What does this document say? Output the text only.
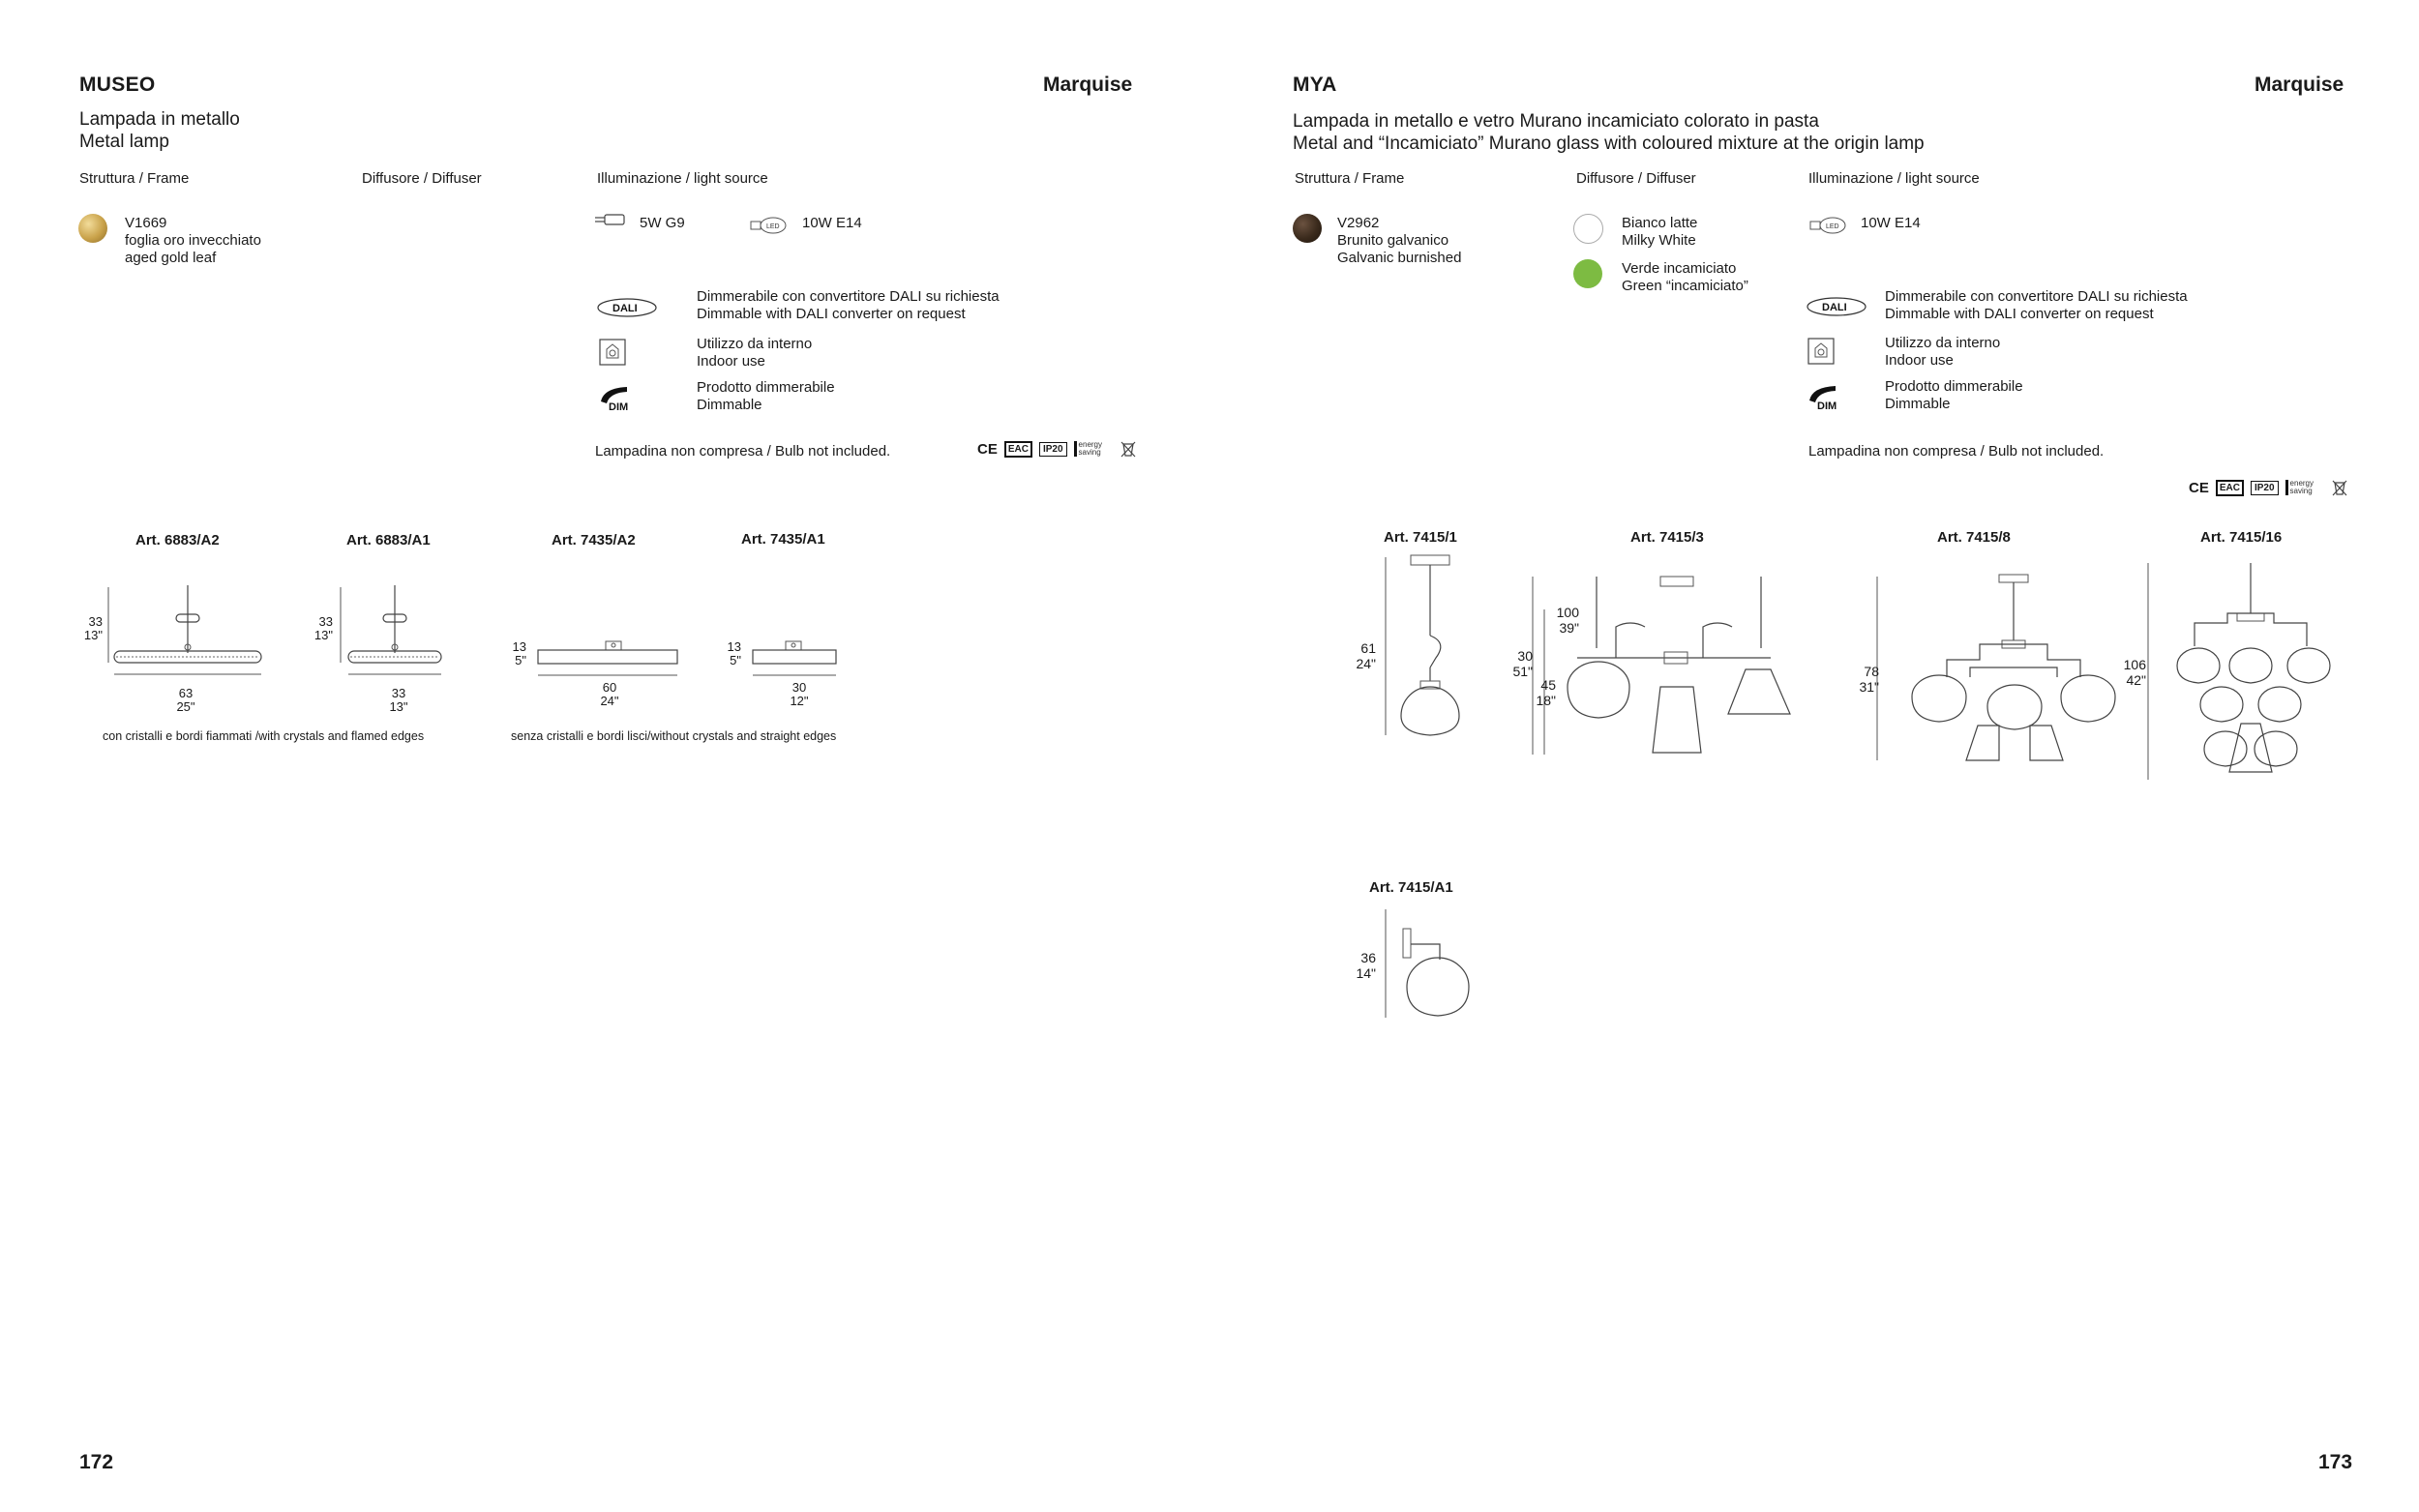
MUSEO	Marquise
Lampada in metallo
Metal lamp
Struttura / Frame	Diffusore / Diffuser	Illuminazione / light source
V1669
foglia oro invecchiato
aged gold leaf
5W G9	LED 10W E14
DALI
Dimmerabile con convertitore DALI su richiesta
Dimmable with DALI converter on request
Utilizzo da interno
Indoor use
DIM
Prodotto dimmerabile
Dimmable
Lampadina non compresa / Bulb not included.	CE	EAC	IP20	energy saving
Art. 6883/A2	Art. 6883/A1	Art. 7435/A2	Art. 7435/A1
33
13"
63
25"
33
13"
33
13"
13
5"
60
24"
13
5"
30
12"
con cristalli e bordi fiammati /with crystals and flamed edges	senza cristalli e bordi lisci/without crystals and straight edges
172
MYA	Marquise
Lampada in metallo e vetro Murano incamiciato colorato in pasta
Metal and “Incamiciato” Murano glass with coloured mixture at the origin lamp
Struttura / Frame	Diffusore / Diffuser	Illuminazione / light source
V2962
Brunito galvanico
Galvanic burnished
Bianco latte
Milky White
Verde incamiciato
Green “incamiciato”
LED 10W E14
DALI
Dimmerabile con convertitore DALI su richiesta
Dimmable with DALI converter on request
Utilizzo da interno
Indoor use
DIM
Prodotto dimmerabile
Dimmable
Lampadina non compresa / Bulb not included.
CE	EAC	IP20	energy saving
Art. 7415/1	Art. 7415/3	Art. 7415/8	Art. 7415/16
Art. 7415/A1
61
24"
100
39"
30
51"
45
18"
78
31"
106
42"
36
14"
173
